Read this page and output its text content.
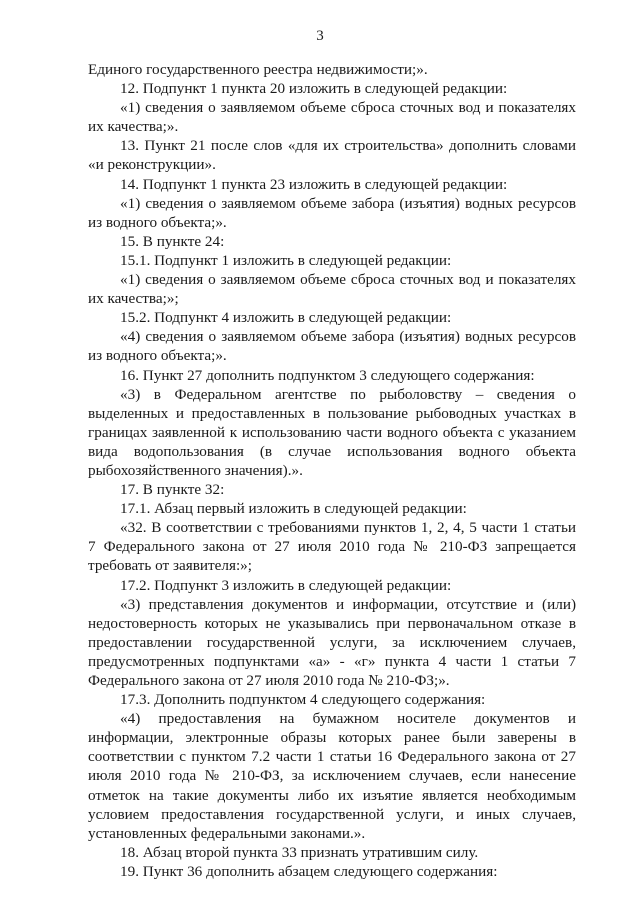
3

Единого государственного реестра недвижимости;».

12. Подпункт 1 пункта 20 изложить в следующей редакции:

«1) сведения о заявляемом объеме сброса сточных вод и показателях их качества;».

13. Пункт 21 после слов «для их строительства» дополнить словами «и реконструкции».

14. Подпункт 1 пункта 23 изложить в следующей редакции:

«1) сведения о заявляемом объеме забора (изъятия) водных ресурсов из водного объекта;».

15. В пункте 24:

15.1. Подпункт 1 изложить в следующей редакции:

«1) сведения о заявляемом объеме сброса сточных вод и показателях их качества;»;

15.2. Подпункт 4 изложить в следующей редакции:

«4) сведения о заявляемом объеме забора (изъятия) водных ресурсов из водного объекта;».

16. Пункт 27 дополнить подпунктом 3 следующего содержания:

«3) в Федеральном агентстве по рыболовству – сведения о выделенных и предоставленных в пользование рыбоводных участках в границах заявленной к использованию части водного объекта с указанием вида водопользования (в случае использования водного объекта рыбохозяйственного значения).».

17. В пункте 32:

17.1. Абзац первый изложить в следующей редакции:

«32. В соответствии с требованиями пунктов 1, 2, 4, 5 части 1 статьи 7 Федерального закона от 27 июля 2010 года № 210-ФЗ запрещается требовать от заявителя:»;

17.2. Подпункт 3 изложить в следующей редакции:

«3) представления документов и информации, отсутствие и (или) недостоверность которых не указывались при первоначальном отказе в предоставлении государственной услуги, за исключением случаев, предусмотренных подпунктами «а» - «г» пункта 4 части 1 статьи 7 Федерального закона от 27 июля 2010 года № 210-ФЗ;».

17.3. Дополнить подпунктом 4 следующего содержания:

«4) предоставления на бумажном носителе документов и информации, электронные образы которых ранее были заверены в соответствии с пунктом 7.2 части 1 статьи 16 Федерального закона от 27 июля 2010 года № 210-ФЗ, за исключением случаев, если нанесение отметок на такие документы либо их изъятие является необходимым условием предоставления государственной услуги, и иных случаев, установленных федеральными законами.».

18. Абзац второй пункта 33 признать утратившим силу.

19. Пункт 36 дополнить абзацем следующего содержания:
